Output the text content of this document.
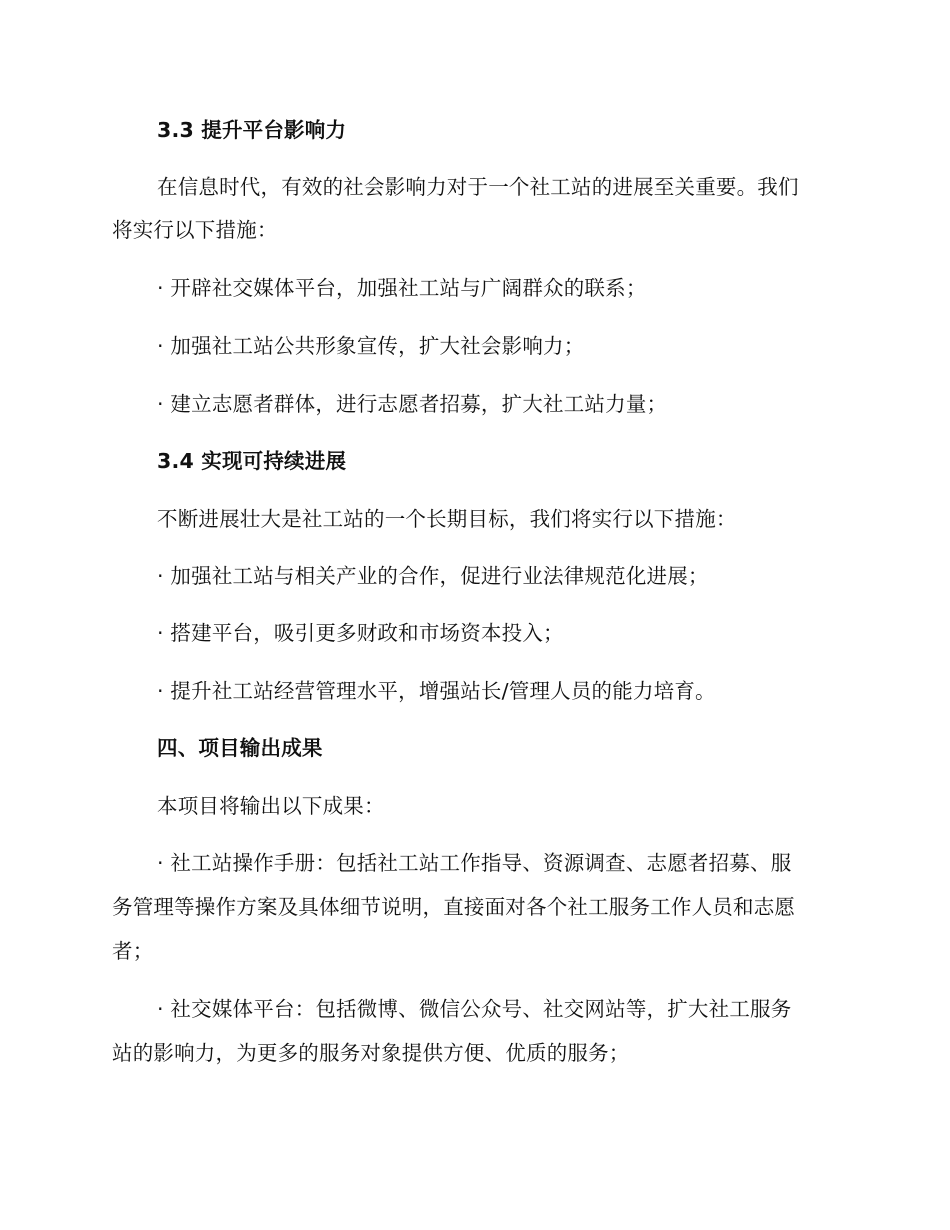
3.3 提升平台影响力
在信息时代，有效的社会影响力对于一个社工站的进展至关重要。我们
将实行以下措施：
· 开辟社交媒体平台，加强社工站与广阔群众的联系；
· 加强社工站公共形象宣传，扩大社会影响力；
· 建立志愿者群体，进行志愿者招募，扩大社工站力量；
3.4 实现可持续进展
不断进展壮大是社工站的一个长期目标，我们将实行以下措施：
· 加强社工站与相关产业的合作，促进行业法律规范化进展；
· 搭建平台，吸引更多财政和市场资本投入；
· 提升社工站经营管理水平，增强站长/管理人员的能力培育。
四、项目输出成果
本项目将输出以下成果：
· 社工站操作手册：包括社工站工作指导、资源调查、志愿者招募、服
务管理等操作方案及具体细节说明，直接面对各个社工服务工作人员和志愿
者；
· 社交媒体平台：包括微博、微信公众号、社交网站等，扩大社工服务
站的影响力，为更多的服务对象提供方便、优质的服务；
